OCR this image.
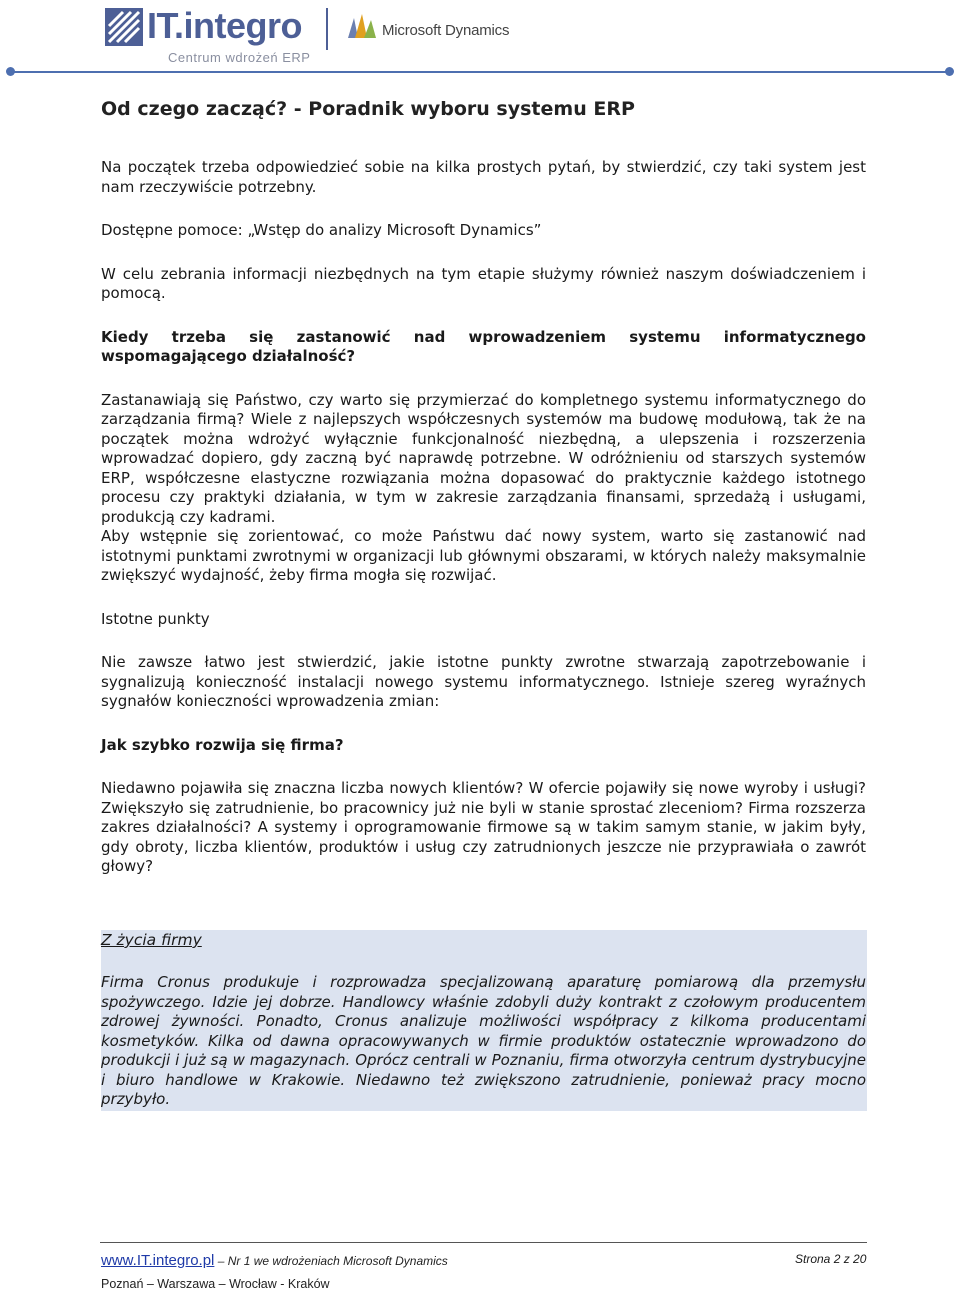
IT.integro
Centrum wdrożeń ERP
Microsoft Dynamics
Od czego zacząć? - Poradnik wyboru systemu ERP

Na początek trzeba odpowiedzieć sobie na kilka prostych pytań, by stwierdzić, czy taki system jest nam rzeczywiście potrzebny.

Dostępne pomoce: „Wstęp do analizy Microsoft Dynamics”

W celu zebrania informacji niezbędnych na tym etapie służymy również naszym doświadczeniem i pomocą.

Kiedy trzeba się zastanowić nad wprowadzeniem systemu informatycznego wspomagającego działalność?

Zastanawiają się Państwo, czy warto się przymierzać do kompletnego systemu informatycznego do zarządzania firmą? Wiele z najlepszych współczesnych systemów ma budowę modułową, tak że na początek można wdrożyć wyłącznie funkcjonalność niezbędną, a ulepszenia i rozszerzenia wprowadzać dopiero, gdy zaczną być naprawdę potrzebne. W odróżnieniu od starszych systemów ERP, współczesne elastyczne rozwiązania można dopasować do praktycznie każdego istotnego procesu czy praktyki działania, w tym w zakresie zarządzania finansami, sprzedażą i usługami, produkcją czy kadrami.

Aby wstępnie się zorientować, co może Państwu dać nowy system, warto się zastanowić nad istotnymi punktami zwrotnymi w organizacji lub głównymi obszarami, w których należy maksymalnie zwiększyć wydajność, żeby firma mogła się rozwijać.

Istotne punkty

Nie zawsze łatwo jest stwierdzić, jakie istotne punkty zwrotne stwarzają zapotrzebowanie i sygnalizują konieczność instalacji nowego systemu informatycznego. Istnieje szereg wyraźnych sygnałów konieczności wprowadzenia zmian:

Jak szybko rozwija się firma?

Niedawno pojawiła się znaczna liczba nowych klientów? W ofercie pojawiły się nowe wyroby i usługi? Zwiększyło się zatrudnienie, bo pracownicy już nie byli w stanie sprostać zleceniom? Firma rozszerza zakres działalności? A systemy i oprogramowanie firmowe są w takim samym stanie, w jakim były, gdy obroty, liczba klientów, produktów i usług czy zatrudnionych jeszcze nie przyprawiała o zawrót głowy?

Z życia firmy
Firma Cronus produkuje i rozprowadza specjalizowaną aparaturę pomiarową dla przemysłu spożywczego. Idzie jej dobrze. Handlowcy właśnie zdobyli duży kontrakt z czołowym producentem zdrowej żywności. Ponadto, Cronus analizuje możliwości współpracy z kilkoma producentami kosmetyków. Kilka od dawna opracowywanych w firmie produktów ostatecznie wprowadzono do produkcji i już są w magazynach. Oprócz centrali w Poznaniu, firma otworzyła centrum dystrybucyjne i biuro handlowe w Krakowie. Niedawno też zwiększono zatrudnienie, ponieważ pracy mocno przybyło.
www.IT.integro.pl – Nr 1 we wdrożeniach Microsoft Dynamics	Strona 2 z 20
Poznań – Warszawa – Wrocław - Kraków
